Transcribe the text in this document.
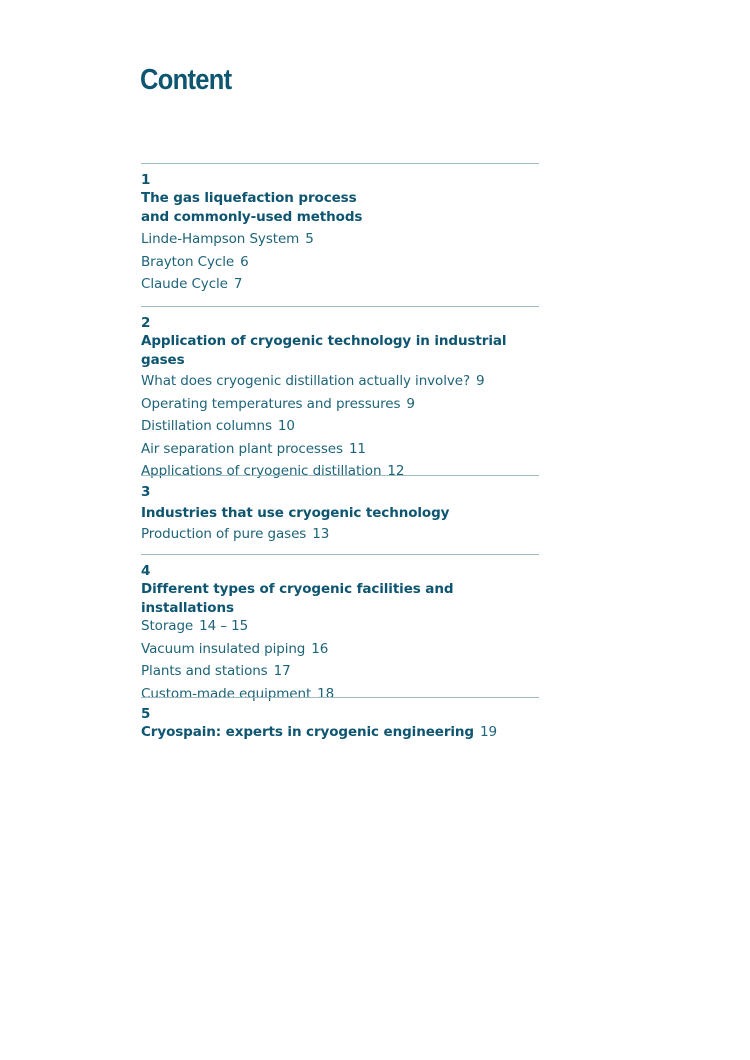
Content
1
The gas liquefaction process
and commonly-used methods
Linde-Hampson System 5
Brayton Cycle 6
Claude Cycle 7
2
Application of cryogenic technology in industrial gases
What does cryogenic distillation actually involve? 9
Operating temperatures and pressures 9
Distillation columns 10
Air separation plant processes 11
Applications of cryogenic distillation 12
3
Industries that use cryogenic technology
Production of pure gases 13
4
Different types of cryogenic facilities and installations
Storage 14 – 15
Vacuum insulated piping 16
Plants and stations 17
Custom-made equipment 18
5
Cryospain: experts in cryogenic engineering 19
